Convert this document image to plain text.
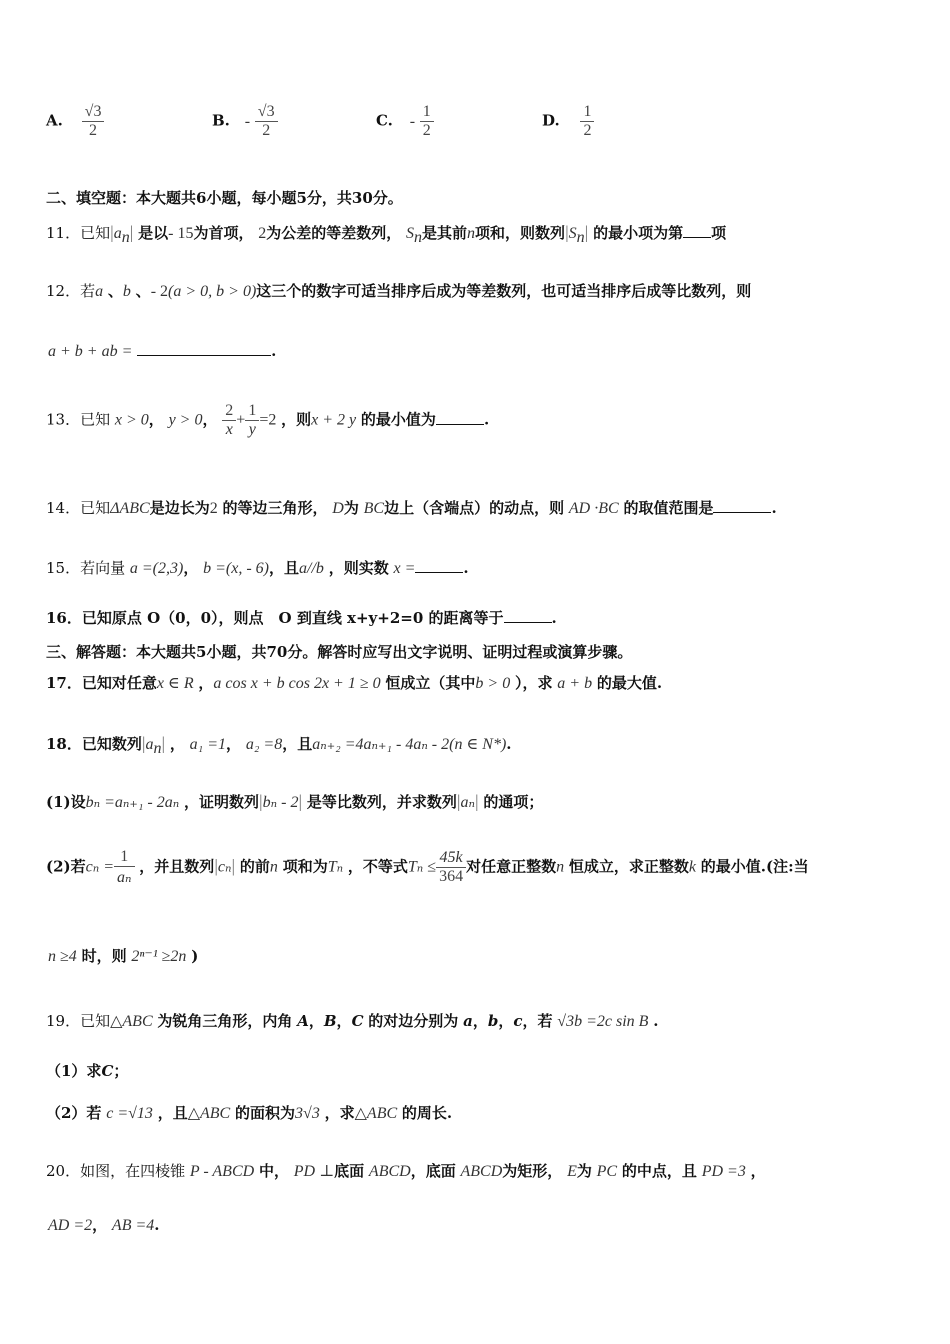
A. $\frac{√3}{2}$	B. - $\frac{√3}{2}$	C. - $\frac{1}{2}$	D. $\frac{1}{2}$
二、填空题：本大题共6小题，每小题5分，共30分。
11．已知$|a_n|$ 是以- 15为首项， 2为公差的等差数列， $S_n$是其前n项和，则数列$|S_n|$ 的最小项为第 项
12．若a 、b 、- 2(a > 0, b > 0)这三个的数字可适当排序后成为等差数列，也可适当排序后成等比数列，则
a + b + ab =	.
13．已知 x > 0， y > 0， $\frac{2}{x} + \frac{1}{y} =2$ ，则x + 2 y 的最小值为	.
14．已知ΔABC是边长为2 的等边三角形， D为 BC边上（含端点）的动点，则 AD ·BC 的取值范围是	.
15．若向量 a =(2,3)， b =(x, - 6)，且a//b ，则实数 x =	.
16．已知原点 O（0，0），则点　O 到直线 x+y+2=0 的距离等于	.
三、解答题：本大题共5小题，共70分。解答时应写出文字说明、证明过程或演算步骤。
17．已知对任意x ∈ R ，a cos x + b cos 2x + 1 ≥ 0 恒成立（其中b > 0 ），求 a + b 的最大值.
18．已知数列$|a_n|$ ， a₁ =1， a₂ =8，且aₙ₊₂ =4aₙ₊₁ - 4aₙ - 2(n ∈ N*).
(1)设bₙ =aₙ₊₁ - 2aₙ ，证明数列|bₙ - 2| 是等比数列，并求数列|aₙ| 的通项；
(2)若$c_n = \frac{1}{\text{aₙ}}$ ，并且数列|cₙ| 的前n 项和为Tₙ ，不等式$T_n \le \frac{45k}{364}$ 对任意正整数n 恒成立，求正整数k 的最小值.(注:当
n ≥4 时，则 2ⁿ⁻¹ ≥2n )
19．已知△ABC 为锐角三角形，内角 A，B，C 的对边分别为 a，b，c，若 √3b =2c sin B .
（1）求C；
（2）若 c =√13 ，且△ABC 的面积为3√3 ，求△ABC 的周长.
20．如图，在四棱锥 P - ABCD 中， PD ⊥底面 ABCD，底面 ABCD为矩形， E为 PC 的中点，且 PD =3 ，
AD =2， AB =4.
